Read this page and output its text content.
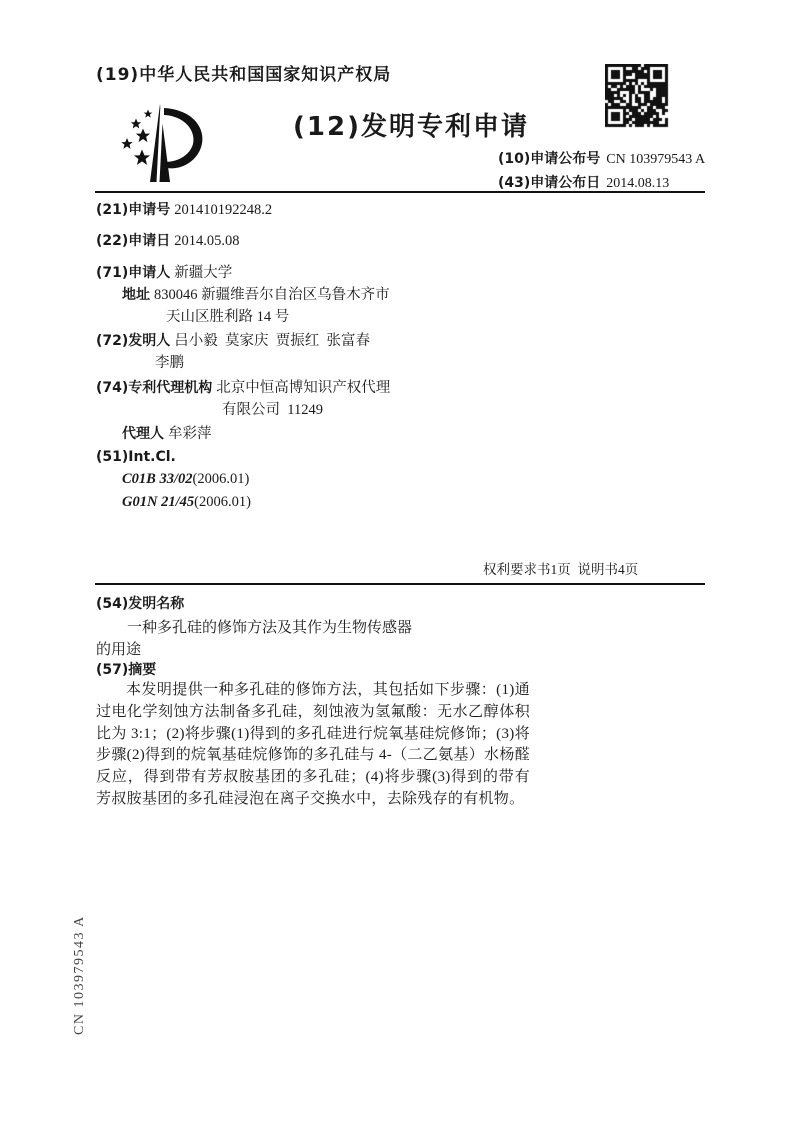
(19)中华人民共和国国家知识产权局
(12)发明专利申请
(10)申请公布号 CN 103979543 A
(43)申请公布日 2014.08.13
(21)申请号 201410192248.2
(22)申请日 2014.05.08
(71)申请人 新疆大学
地址 830046 新疆维吾尔自治区乌鲁木齐市
天山区胜利路 14 号
(72)发明人 吕小毅  莫家庆  贾振红  张富春
李鹏
(74)专利代理机构 北京中恒高博知识产权代理
有限公司  11249
代理人 牟彩萍
(51)Int.Cl.
C01B 33/02(2006.01)
G01N 21/45(2006.01)
权利要求书1页  说明书4页
(54)发明名称
一种多孔硅的修饰方法及其作为生物传感器
的用途
(57)摘要
本发明提供一种多孔硅的修饰方法，其包括如下步骤：(1)通过电化学刻蚀方法制备多孔硅，刻蚀液为氢氟酸：无水乙醇体积比为 3:1；(2)将步骤(1)得到的多孔硅进行烷氧基硅烷修饰；(3)将步骤(2)得到的烷氧基硅烷修饰的多孔硅与 4-（二乙氨基）水杨醛反应，得到带有芳叔胺基团的多孔硅；(4)将步骤(3)得到的带有芳叔胺基团的多孔硅浸泡在离子交换水中，去除残存的有机物。
CN 103979543 A
